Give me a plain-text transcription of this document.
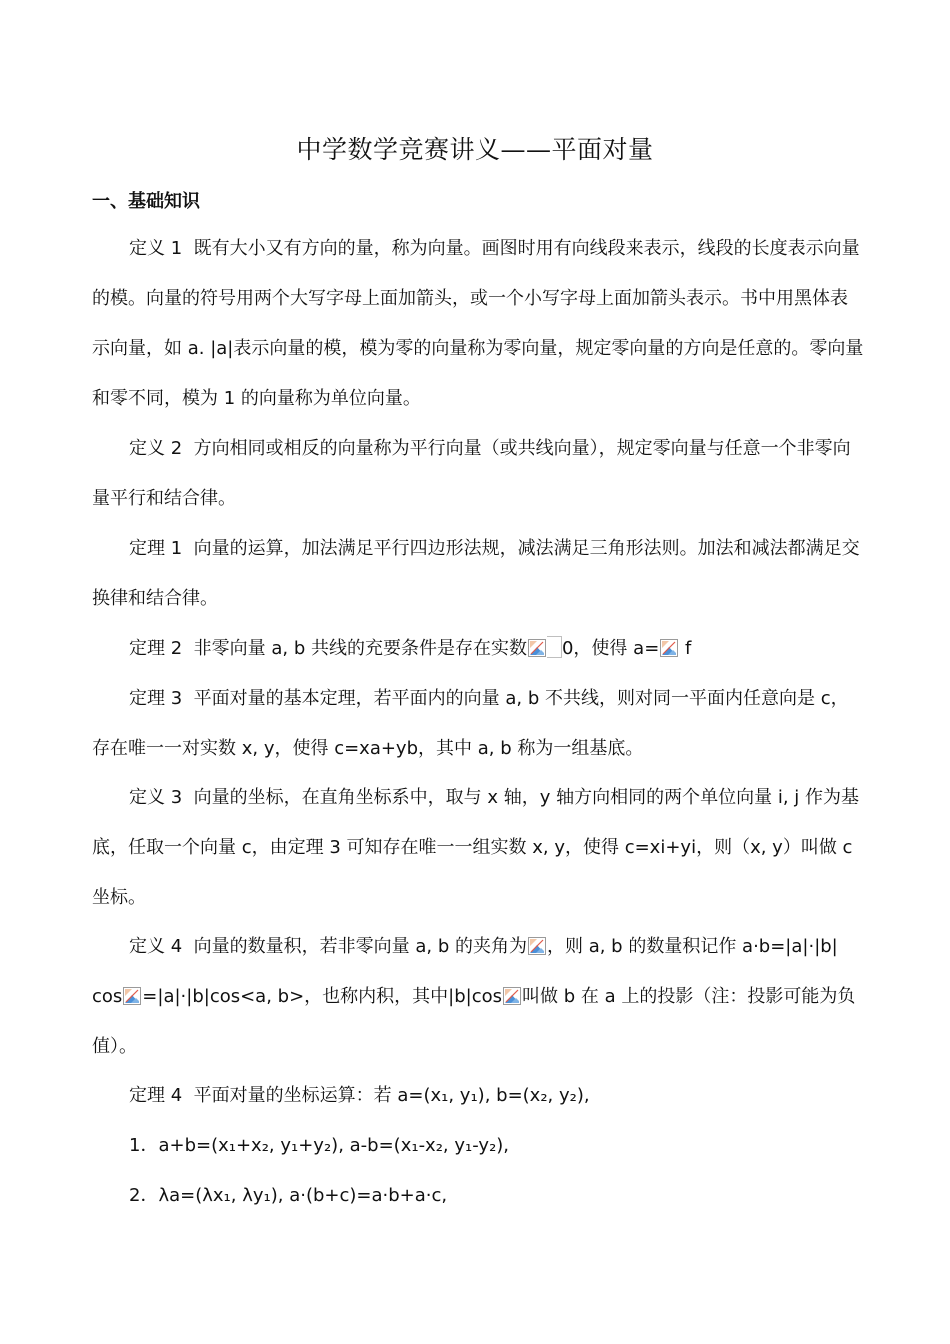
中学数学竞赛讲义——平面对量
一、基础知识
定义 1 既有大小又有方向的量，称为向量。画图时用有向线段来表示，线段的长度表示向量的模。向量的符号用两个大写字母上面加箭头，或一个小写字母上面加箭头表示。书中用黑体表示向量，如 a. |a|表示向量的模，模为零的向量称为零向量，规定零向量的方向是任意的。零向量和零不同，模为 1 的向量称为单位向量。
定义 2 方向相同或相反的向量称为平行向量（或共线向量），规定零向量与任意一个非零向量平行和结合律。
定理 1 向量的运算，加法满足平行四边形法规，减法满足三角形法则。加法和减法都满足交换律和结合律。
定理 2 非零向量 a, b 共线的充要条件是存在实数 0，使得 a= f
定理 3 平面对量的基本定理，若平面内的向量 a, b 不共线，则对同一平面内任意向是 c，存在唯一一对实数 x, y，使得 c=xa+yb，其中 a, b 称为一组基底。
定义 3 向量的坐标，在直角坐标系中，取与 x 轴，y 轴方向相同的两个单位向量 i, j 作为基底，任取一个向量 c，由定理 3 可知存在唯一一组实数 x, y，使得 c=xi+yi，则（x, y）叫做 c 坐标。
定义 4 向量的数量积，若非零向量 a, b 的夹角为 ，则 a, b 的数量积记作 a·b=|a|·|b| cos =|a|·|b|cos<a, b>，也称内积，其中|b|cos 叫做 b 在 a 上的投影（注：投影可能为负值）。
定理 4 平面对量的坐标运算：若 a=(x₁, y₁), b=(x₂, y₂),
1．a+b=(x₁+x₂, y₁+y₂), a-b=(x₁-x₂, y₁-y₂),
2．λa=(λx₁, λy₁), a·(b+c)=a·b+a·c,
